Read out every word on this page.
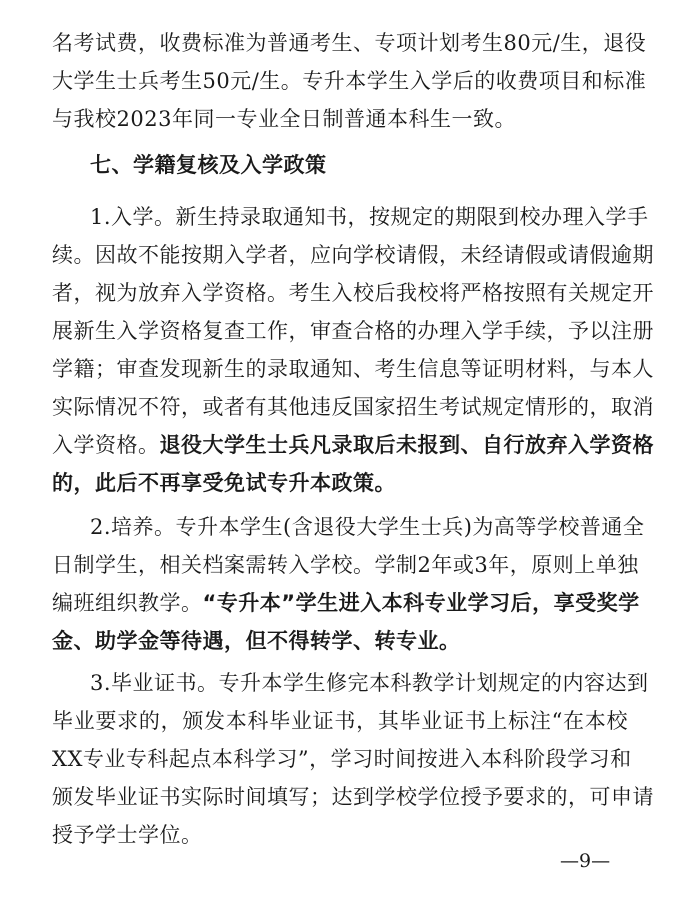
名考试费，收费标准为普通考生、专项计划考生80元/生，退役
大学生士兵考生50元/生。专升本学生入学后的收费项目和标准
与我校2023年同一专业全日制普通本科生一致。
七、学籍复核及入学政策
1.入学。新生持录取通知书，按规定的期限到校办理入学手
续。因故不能按期入学者，应向学校请假，未经请假或请假逾期
者，视为放弃入学资格。考生入校后我校将严格按照有关规定开
展新生入学资格复查工作，审查合格的办理入学手续，予以注册
学籍；审查发现新生的录取通知、考生信息等证明材料，与本人
实际情况不符，或者有其他违反国家招生考试规定情形的，取消
入学资格。退役大学生士兵凡录取后未报到、自行放弃入学资格
的，此后不再享受免试专升本政策。
2.培养。专升本学生(含退役大学生士兵)为高等学校普通全
日制学生，相关档案需转入学校。学制2年或3年，原则上单独
编班组织教学。“专升本”学生进入本科专业学习后，享受奖学
金、助学金等待遇，但不得转学、转专业。
3.毕业证书。专升本学生修完本科教学计划规定的内容达到
毕业要求的，颁发本科毕业证书，其毕业证书上标注“在本校
XX专业专科起点本科学习”，学习时间按进入本科阶段学习和
颁发毕业证书实际时间填写；达到学校学位授予要求的，可申请
授予学士学位。
—9—
